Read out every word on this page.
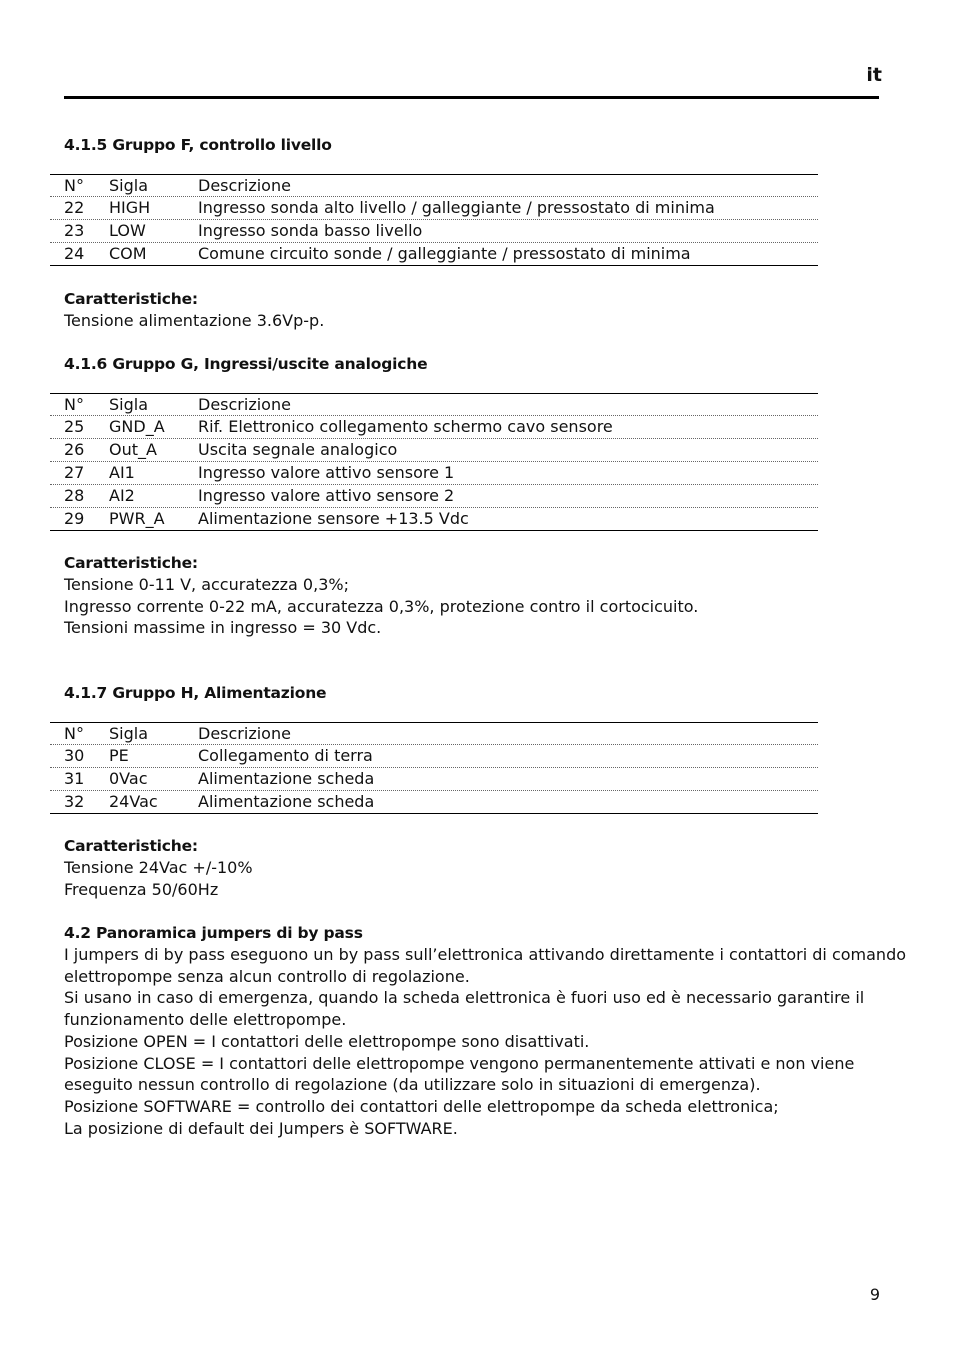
it
4.1.5 Gruppo F, controllo livello
N°	Sigla	Descrizione
22	HIGH	Ingresso sonda alto livello / galleggiante / pressostato di minima
23	LOW	Ingresso sonda basso livello
24	COM	Comune circuito sonde / galleggiante / pressostato di minima
Caratteristiche:
Tensione alimentazione 3.6Vp-p.
4.1.6 Gruppo G, Ingressi/uscite analogiche
N°	Sigla	Descrizione
25	GND_A	Rif. Elettronico collegamento schermo cavo sensore
26	Out_A	Uscita segnale analogico
27	AI1	Ingresso valore attivo sensore 1
28	AI2	Ingresso valore attivo sensore 2
29	PWR_A	Alimentazione sensore +13.5 Vdc
Caratteristiche:
Tensione 0-11 V, accuratezza 0,3%;
Ingresso corrente 0-22 mA, accuratezza 0,3%, protezione contro il cortocicuito.
Tensioni massime in ingresso = 30 Vdc.
4.1.7 Gruppo H, Alimentazione
N°	Sigla	Descrizione
30	PE	Collegamento di terra
31	0Vac	Alimentazione scheda
32	24Vac	Alimentazione scheda
Caratteristiche:
Tensione 24Vac +/-10%
Frequenza 50/60Hz
4.2 Panoramica jumpers di by pass
I jumpers di by pass eseguono un by pass sull’elettronica attivando direttamente i contattori di comando
elettropompe senza alcun controllo di regolazione.
Si usano in caso di emergenza, quando la scheda elettronica è fuori uso ed è necessario garantire il
funzionamento delle elettropompe.
Posizione OPEN = I contattori delle elettropompe sono disattivati.
Posizione CLOSE = I contattori delle elettropompe vengono permanentemente attivati e non viene
eseguito nessun controllo di regolazione (da utilizzare solo in situazioni di emergenza).
Posizione SOFTWARE = controllo dei contattori delle elettropompe da scheda elettronica;
La posizione di default dei Jumpers è SOFTWARE.
9
